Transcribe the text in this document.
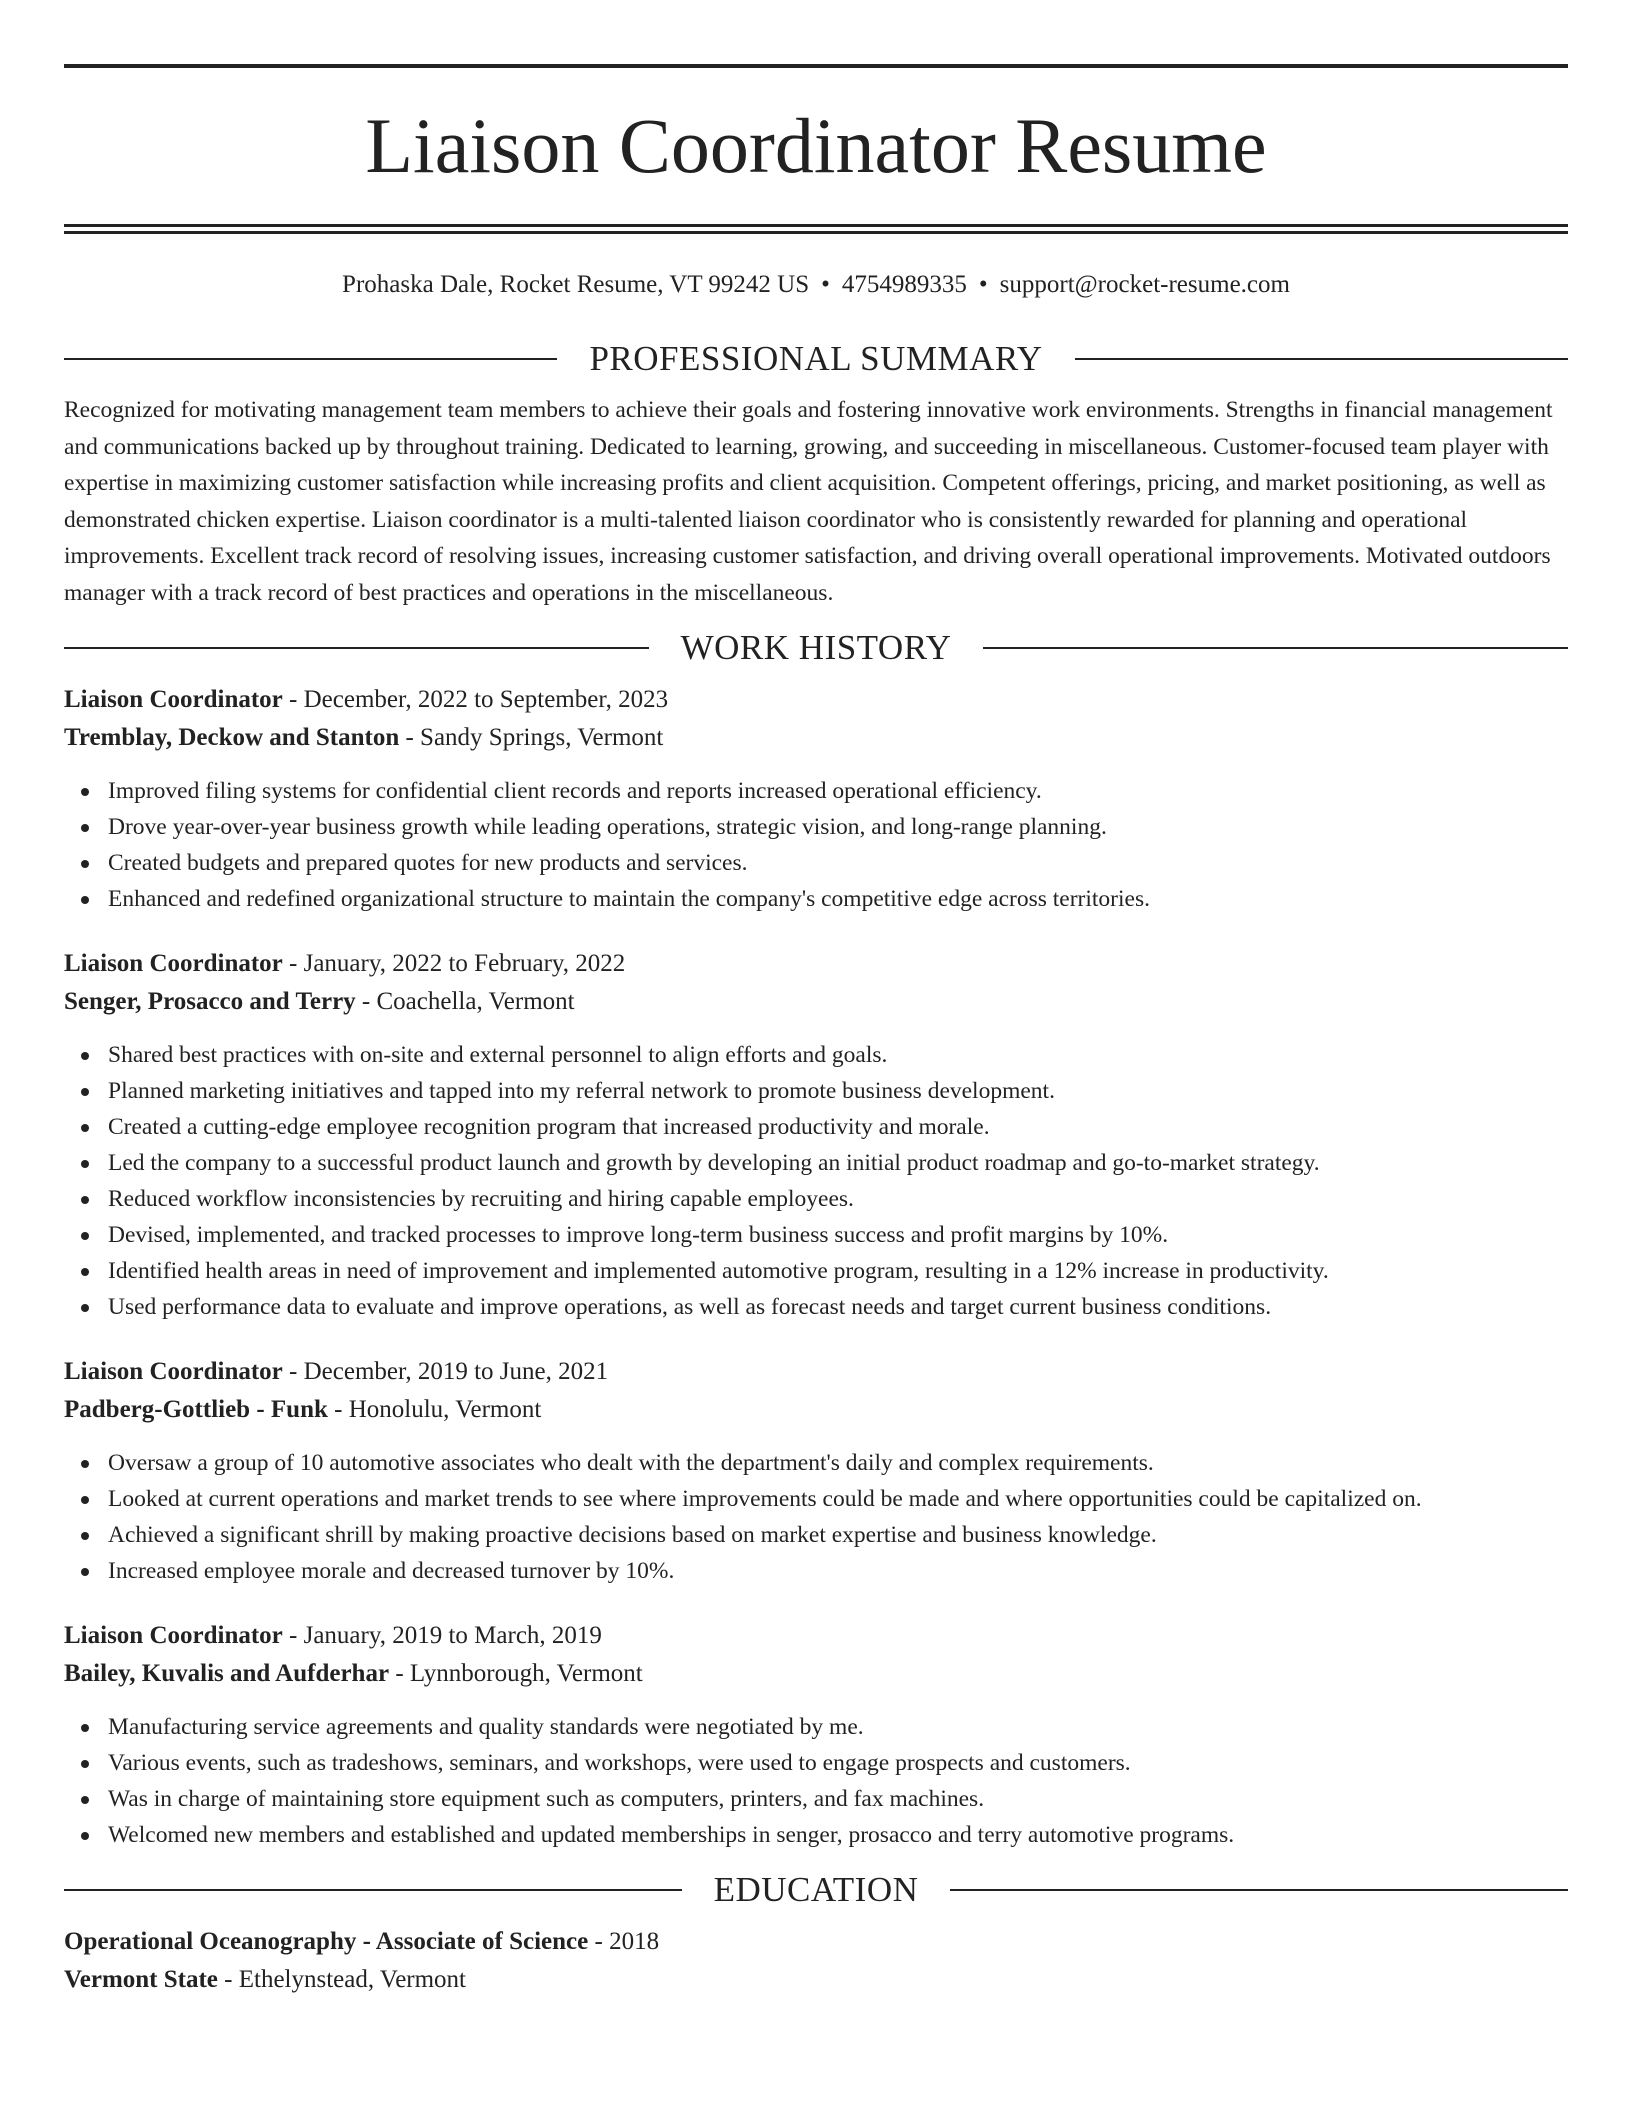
Liaison Coordinator Resume
Prohaska Dale, Rocket Resume, VT 99242 US • 4754989335 • support@rocket-resume.com
PROFESSIONAL SUMMARY

Recognized for motivating management team members to achieve their goals and fostering innovative work environments. Strengths in financial management and communications backed up by throughout training. Dedicated to learning, growing, and succeeding in miscellaneous. Customer-focused team player with expertise in maximizing customer satisfaction while increasing profits and client acquisition. Competent offerings, pricing, and market positioning, as well as demonstrated chicken expertise. Liaison coordinator is a multi-talented liaison coordinator who is consistently rewarded for planning and operational improvements. Excellent track record of resolving issues, increasing customer satisfaction, and driving overall operational improvements. Motivated outdoors manager with a track record of best practices and operations in the miscellaneous.

WORK HISTORY
Liaison Coordinator - December, 2022 to September, 2023
Tremblay, Deckow and Stanton - Sandy Springs, Vermont
Improved filing systems for confidential client records and reports increased operational efficiency.
Drove year-over-year business growth while leading operations, strategic vision, and long-range planning.
Created budgets and prepared quotes for new products and services.
Enhanced and redefined organizational structure to maintain the company's competitive edge across territories.
Liaison Coordinator - January, 2022 to February, 2022
Senger, Prosacco and Terry - Coachella, Vermont
Shared best practices with on-site and external personnel to align efforts and goals.
Planned marketing initiatives and tapped into my referral network to promote business development.
Created a cutting-edge employee recognition program that increased productivity and morale.
Led the company to a successful product launch and growth by developing an initial product roadmap and go-to-market strategy.
Reduced workflow inconsistencies by recruiting and hiring capable employees.
Devised, implemented, and tracked processes to improve long-term business success and profit margins by 10%.
Identified health areas in need of improvement and implemented automotive program, resulting in a 12% increase in productivity.
Used performance data to evaluate and improve operations, as well as forecast needs and target current business conditions.
Liaison Coordinator - December, 2019 to June, 2021
Padberg-Gottlieb - Funk - Honolulu, Vermont
Oversaw a group of 10 automotive associates who dealt with the department's daily and complex requirements.
Looked at current operations and market trends to see where improvements could be made and where opportunities could be capitalized on.
Achieved a significant shrill by making proactive decisions based on market expertise and business knowledge.
Increased employee morale and decreased turnover by 10%.
Liaison Coordinator - January, 2019 to March, 2019
Bailey, Kuvalis and Aufderhar - Lynnborough, Vermont
Manufacturing service agreements and quality standards were negotiated by me.
Various events, such as tradeshows, seminars, and workshops, were used to engage prospects and customers.
Was in charge of maintaining store equipment such as computers, printers, and fax machines.
Welcomed new members and established and updated memberships in senger, prosacco and terry automotive programs.
EDUCATION
Operational Oceanography - Associate of Science - 2018
Vermont State - Ethelynstead, Vermont
